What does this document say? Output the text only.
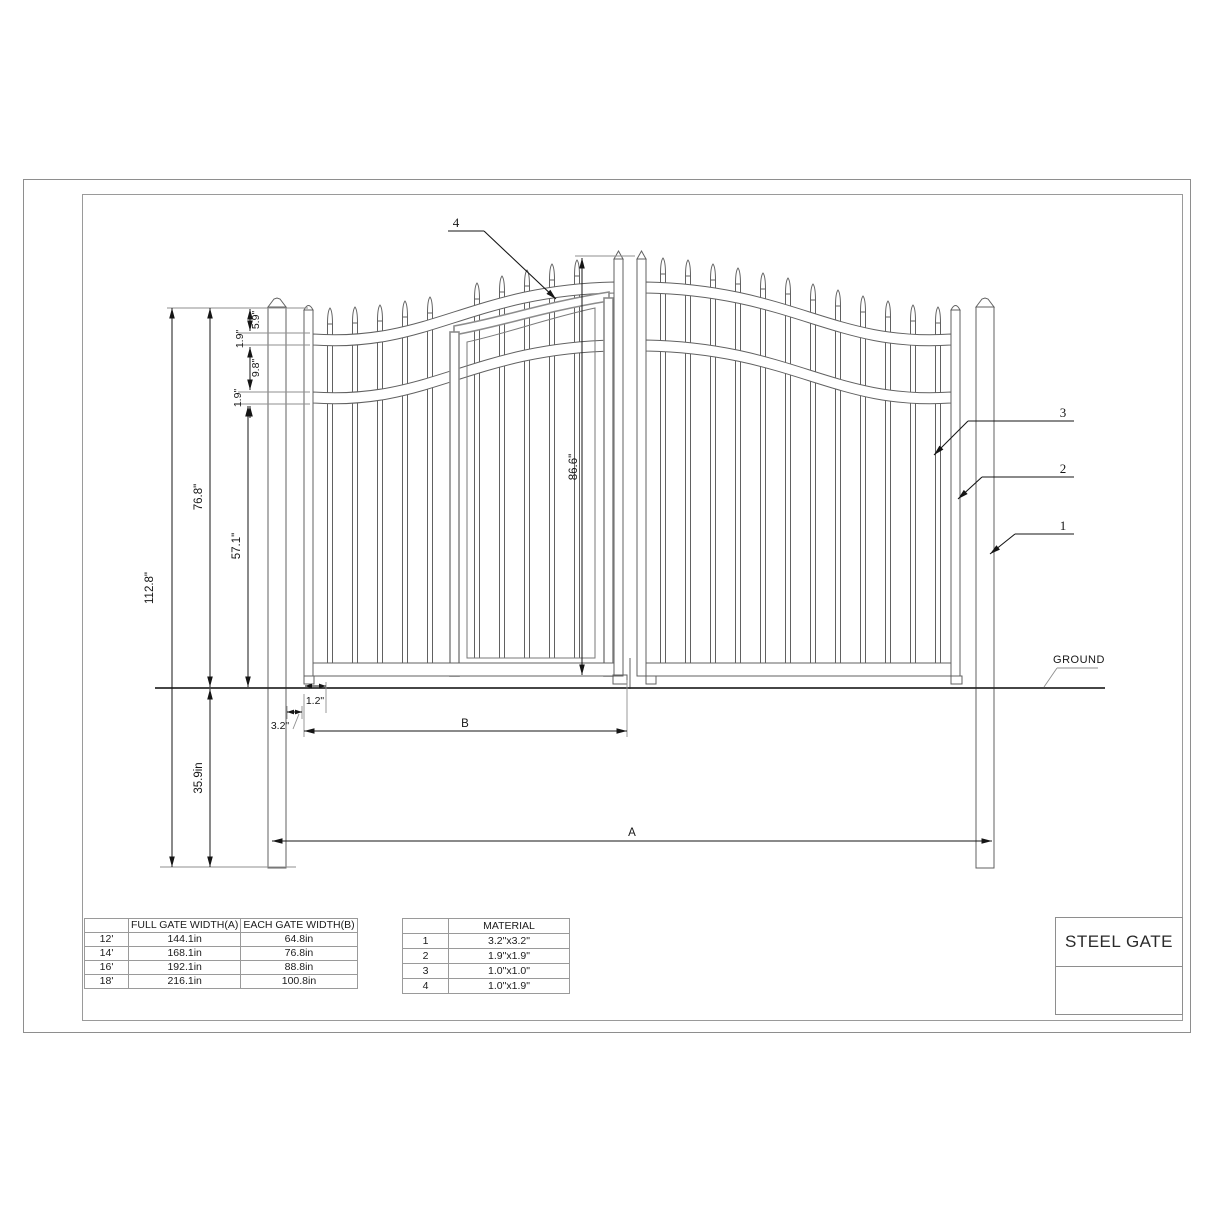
112.8"
76.8"
57.1"
35.9in
86.6"
5.9"
1.9"
9.8"
1.9"
B
A
1.2"
3.2"
GROUND
4
3
2
1
	FULL GATE WIDTH(A)	EACH GATE WIDTH(B)
12'	144.1in	64.8in
14'	168.1in	76.8in
16'	192.1in	88.8in
18'	216.1in	100.8in
	MATERIAL
1	3.2"x3.2"
2	1.9"x1.9"
3	1.0"x1.0"
4	1.0"x1.9"
STEEL GATE
